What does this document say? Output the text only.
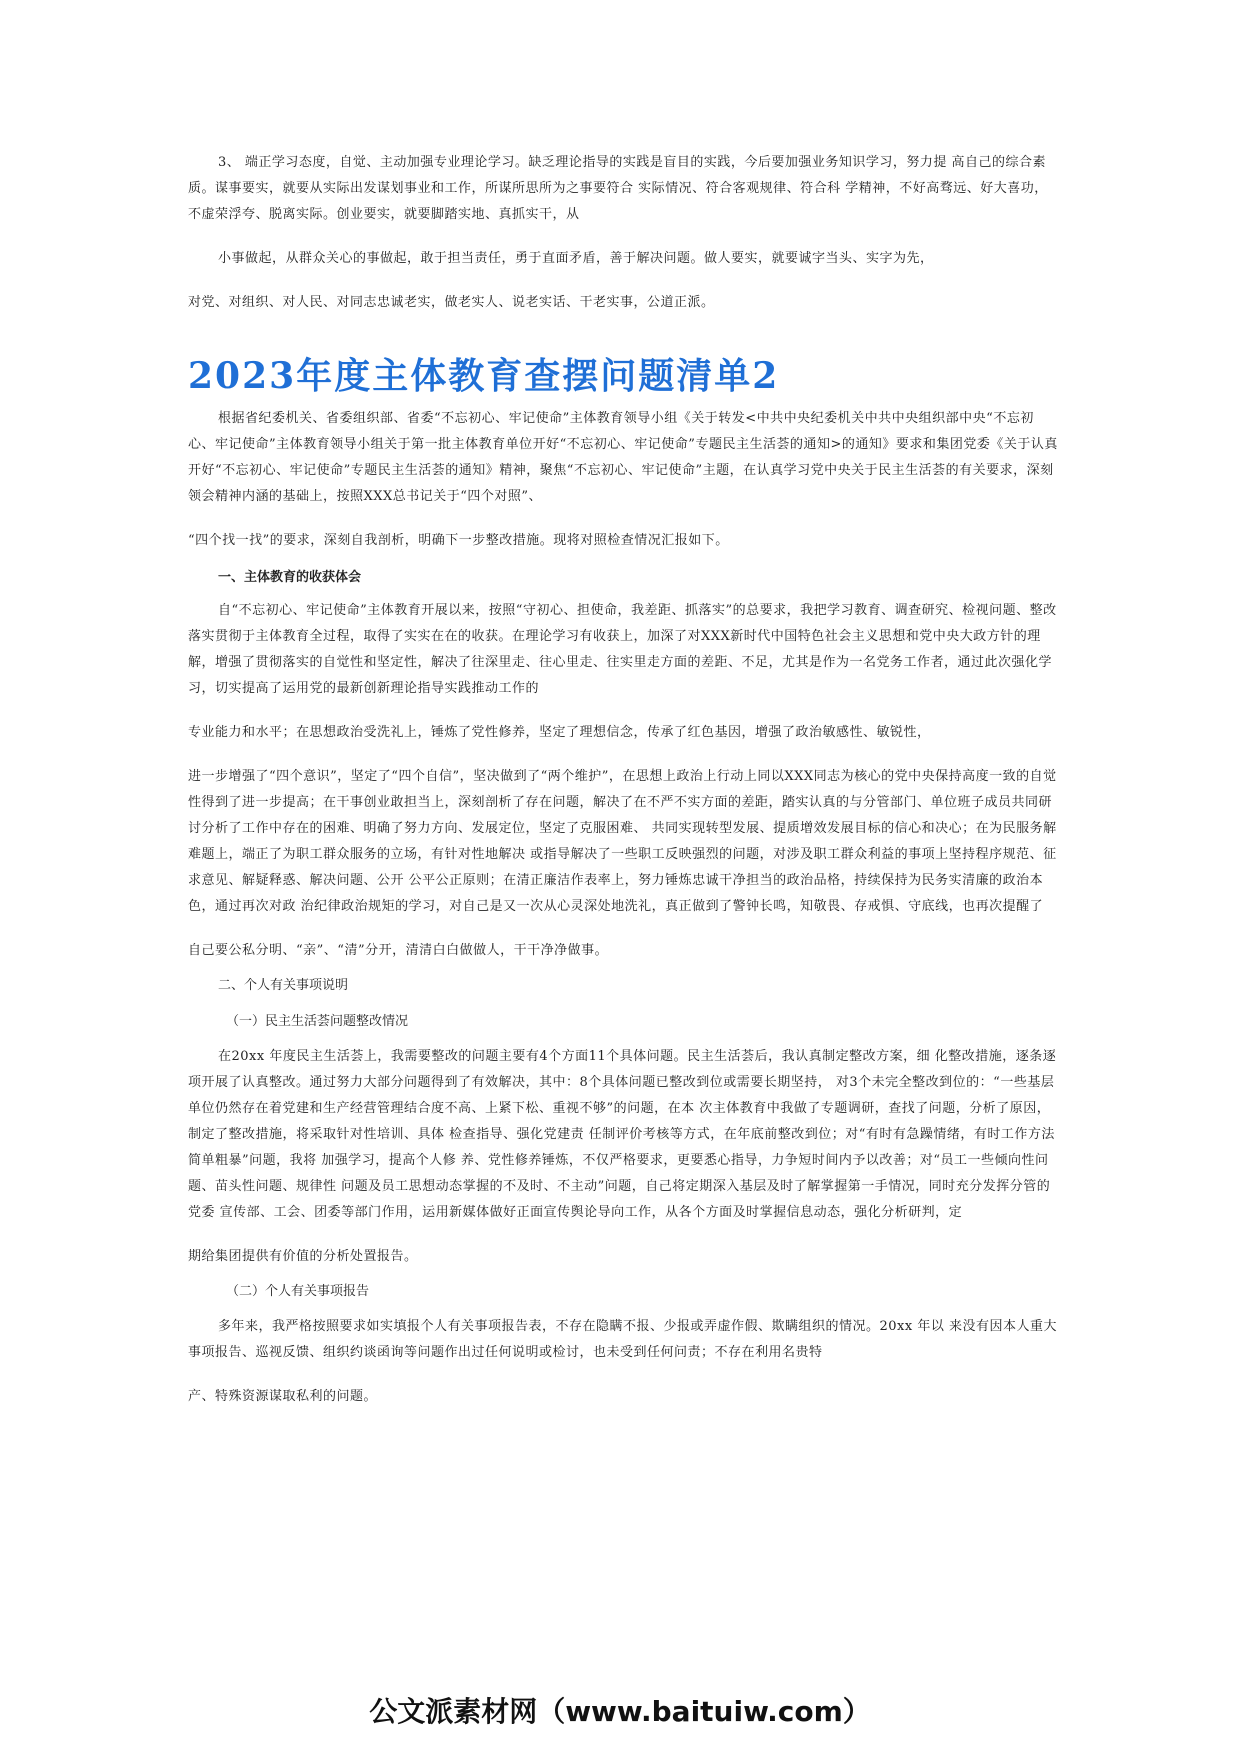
3、 端正学习态度，自觉、主动加强专业理论学习。缺乏理论指导的实践是盲目的实践，今后要加强业务知识学习，努力提 高自己的综合素质。谋事要实，就要从实际出发谋划事业和工作，所谋所思所为之事要符合 实际情况、符合客观规律、符合科 学精神，不好高骛远、好大喜功，不虚荣浮夸、脱离实际。创业要实，就要脚踏实地、真抓实干，从

小事做起，从群众关心的事做起，敢于担当责任，勇于直面矛盾，善于解决问题。做人要实，就要诚字当头、实字为先，

对党、对组织、对人民、对同志忠诚老实，做老实人、说老实话、干老实事，公道正派。

2023年度主体教育查摆问题清单2

根据省纪委机关、省委组织部、省委“不忘初心、牢记使命”主体教育领导小组《关于转发<中共中央纪委机关中共中央组织部中央“不忘初心、牢记使命”主体教育领导小组关于第一批主体教育单位开好“不忘初心、牢记使命”专题民主生活荟的通知>的通知》要求和集团党委《关于认真开好“不忘初心、牢记使命”专题民主生活荟的通知》精神，聚焦“不忘初心、牢记使命”主题，在认真学习党中央关于民主生活荟的有关要求，深刻领会精神内涵的基础上，按照XXX总书记关于“四个对照”、

“四个找一找”的要求，深刻自我剖析，明确下一步整改措施。现将对照检查情况汇报如下。

一、主体教育的收获体会

自“不忘初心、牢记使命”主体教育开展以来，按照“守初心、担使命，我差距、抓落实”的总要求，我把学习教育、调查研究、检视问题、整改落实贯彻于主体教育全过程，取得了实实在在的收获。在理论学习有收获上，加深了对XXX新时代中国特色社会主义思想和党中央大政方针的理解，增强了贯彻落实的自觉性和坚定性，解决了往深里走、往心里走、往实里走方面的差距、不足，尤其是作为一名党务工作者，通过此次强化学习，切实提高了运用党的最新创新理论指导实践推动工作的

专业能力和水平；在思想政治受洗礼上，锤炼了党性修养，坚定了理想信念，传承了红色基因，增强了政治敏感性、敏锐性，

进一步增强了“四个意识”，坚定了“四个自信”，坚决做到了“两个维护”，在思想上政治上行动上同以XXX同志为核心的党中央保持高度一致的自觉性得到了进一步提高；在干事创业敢担当上，深刻剖析了存在问题，解决了在不严不实方面的差距，踏实认真的与分管部门、单位班子成员共同研讨分析了工作中存在的困难、明确了努力方向、发展定位，坚定了克服困难、 共同实现转型发展、提质增效发展目标的信心和决心；在为民服务解难题上，端正了为职工群众服务的立场，有针对性地解决 或指导解决了一些职工反映强烈的问题，对涉及职工群众利益的事项上坚持程序规范、征求意见、解疑释惑、解决问题、公开 公平公正原则；在清正廉洁作表率上，努力锤炼忠诚干净担当的政治品格，持续保持为民务实清廉的政治本色，通过再次对政 治纪律政治规矩的学习，对自己是又一次从心灵深处地洗礼，真正做到了警钟长鸣，知敬畏、存戒惧、守底线，也再次提醒了

自己要公私分明、“亲”、“清”分开，清清白白做做人，干干净净做事。

二、个人有关事项说明
（一）民主生活荟问题整改情况

在20xx 年度民主生活荟上，我需要整改的问题主要有4个方面11个具体问题。民主生活荟后，我认真制定整改方案，细 化整改措施，逐条逐项开展了认真整改。通过努力大部分问题得到了有效解决，其中：8个具体问题已整改到位或需要长期坚持， 对3个未完全整改到位的：“一些基层单位仍然存在着党建和生产经营管理结合度不高、上紧下松、重视不够”的问题，在本 次主体教育中我做了专题调研，查找了问题，分析了原因，制定了整改措施，将采取针对性培训、具体 检查指导、强化党建责 任制评价考核等方式，在年底前整改到位；对“有时有急躁情绪，有时工作方法简单粗暴”问题，我将 加强学习，提高个人修 养、党性修养锤炼，不仅严格要求，更要悉心指导，力争短时间内予以改善；对“员工一些倾向性问题、苗头性问题、规律性 问题及员工思想动态掌握的不及时、不主动”问题，自己将定期深入基层及时了解掌握第一手情况，同时充分发挥分管的党委 宣传部、工会、团委等部门作用，运用新媒体做好正面宣传舆论导向工作，从各个方面及时掌握信息动态，强化分析研判，定

期给集团提供有价值的分析处置报告。

（二）个人有关事项报告

多年来，我严格按照要求如实填报个人有关事项报告表，不存在隐瞒不报、少报或弄虚作假、欺瞒组织的情况。20xx 年以 来没有因本人重大事项报告、巡视反馈、组织约谈函询等问题作出过任何说明或检讨，也未受到任何问责；不存在利用名贵特

产、特殊资源谋取私利的问题。

公文派素材网（www.baituiw.com）
